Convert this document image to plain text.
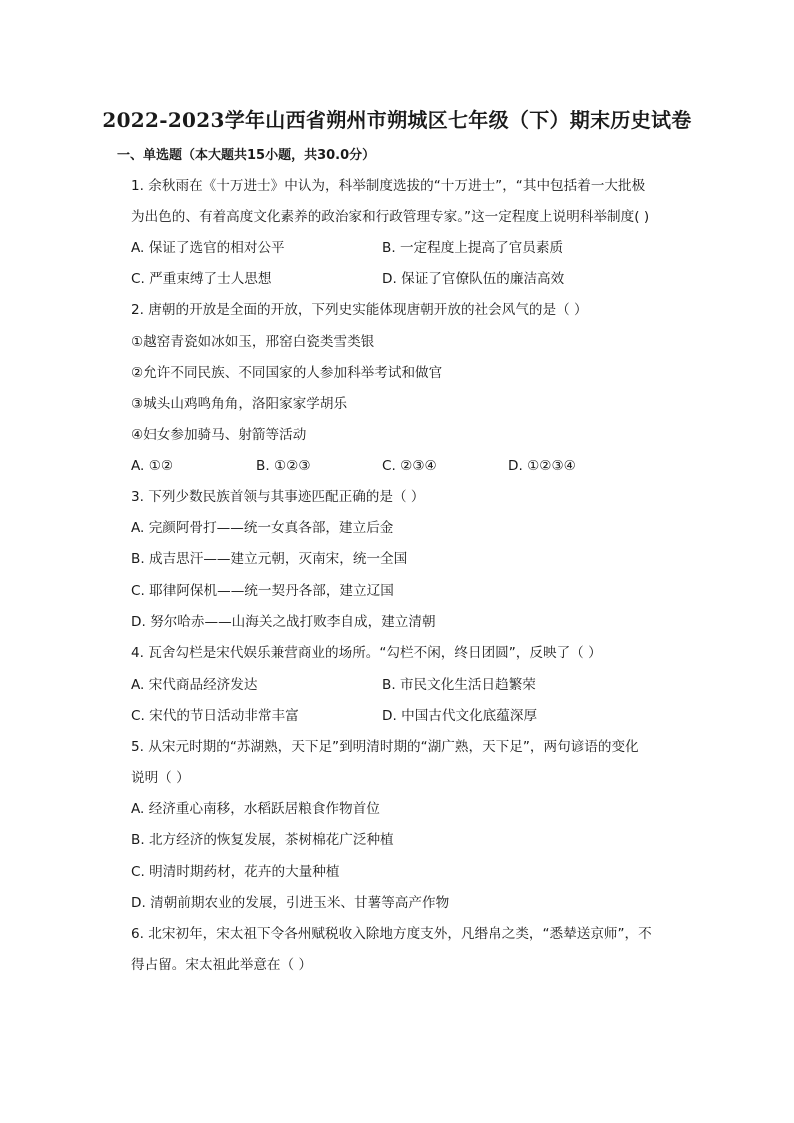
2022-2023学年山西省朔州市朔城区七年级（下）期末历史试卷
一、单选题（本大题共15小题，共30.0分）
1. 余秋雨在《十万进士》中认为，科举制度选拔的“十万进士”，“其中包括着一大批极
为出色的、有着高度文化素养的政治家和行政管理专家。”这一定程度上说明科举制度( )
A. 保证了选官的相对公平	B. 一定程度上提高了官员素质
C. 严重束缚了士人思想	D. 保证了官僚队伍的廉洁高效
2. 唐朝的开放是全面的开放，下列史实能体现唐朝开放的社会风气的是（ ）
①越窑青瓷如冰如玉，邢窑白瓷类雪类银
②允许不同民族、不同国家的人参加科举考试和做官
③城头山鸡鸣角角，洛阳家家学胡乐
④妇女参加骑马、射箭等活动
A. ①②	B. ①②③	C. ②③④	D. ①②③④
3. 下列少数民族首领与其事迹匹配正确的是（ ）
A. 完颜阿骨打——统一女真各部，建立后金
B. 成吉思汗——建立元朝，灭南宋，统一全国
C. 耶律阿保机——统一契丹各部，建立辽国
D. 努尔哈赤——山海关之战打败李自成，建立清朝
4. 瓦舍勾栏是宋代娱乐兼营商业的场所。“勾栏不闲，终日团圆”，反映了（ ）
A. 宋代商品经济发达	B. 市民文化生活日趋繁荣
C. 宋代的节日活动非常丰富	D. 中国古代文化底蕴深厚
5. 从宋元时期的“苏湖熟，天下足”到明清时期的“湖广熟，天下足”，两句谚语的变化
说明（ ）
A. 经济重心南移，水稻跃居粮食作物首位
B. 北方经济的恢复发展，茶树棉花广泛种植
C. 明清时期药材，花卉的大量种植
D. 清朝前期农业的发展，引进玉米、甘薯等高产作物
6. 北宋初年，宋太祖下令各州赋税收入除地方度支外，凡缗帛之类，“悉辇送京师”，不
得占留。宋太祖此举意在（ ）
